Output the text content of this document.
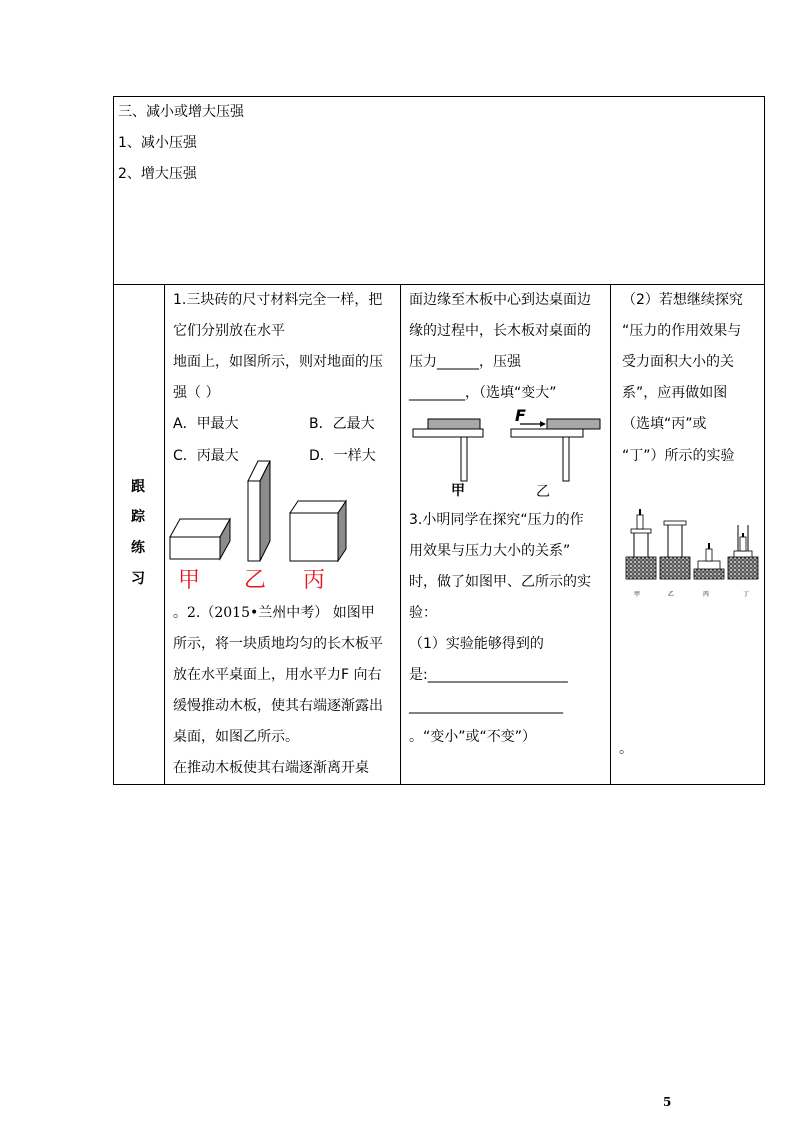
三、减小或增大压强
1、减小压强
2、增大压强
跟
踪
练
习
1.三块砖的尺寸材料完全一样，把
它们分别放在水平
地面上，如图所示，则对地面的压
强（ ）
A．甲最大	B．乙最大
C．丙最大	D．一样大
甲 乙 丙
。2.（2015•兰州中考） 如图甲
所示，将一块质地均匀的长木板平
放在水平桌面上，用水平力F 向右
缓慢推动木板，使其右端逐渐露出
桌面，如图乙所示。
在推动木板使其右端逐渐离开桌
面边缘至木板中心到达桌面边
缘的过程中，长木板对桌面的
压力______，压强
________，（选填“变大”
F
甲	乙
3.小明同学在探究“压力的作
用效果与压力大小的关系”
时，做了如图甲、乙所示的实
验：
（1）实验能够得到的
是:____________________
______________________
。“变小”或“不变”）
（2）若想继续探究
“压力的作用效果与
受力面积大小的关
系”，应再做如图
（选填“丙”或
“丁”）所示的实验
甲	乙	丙	丁
。
5
